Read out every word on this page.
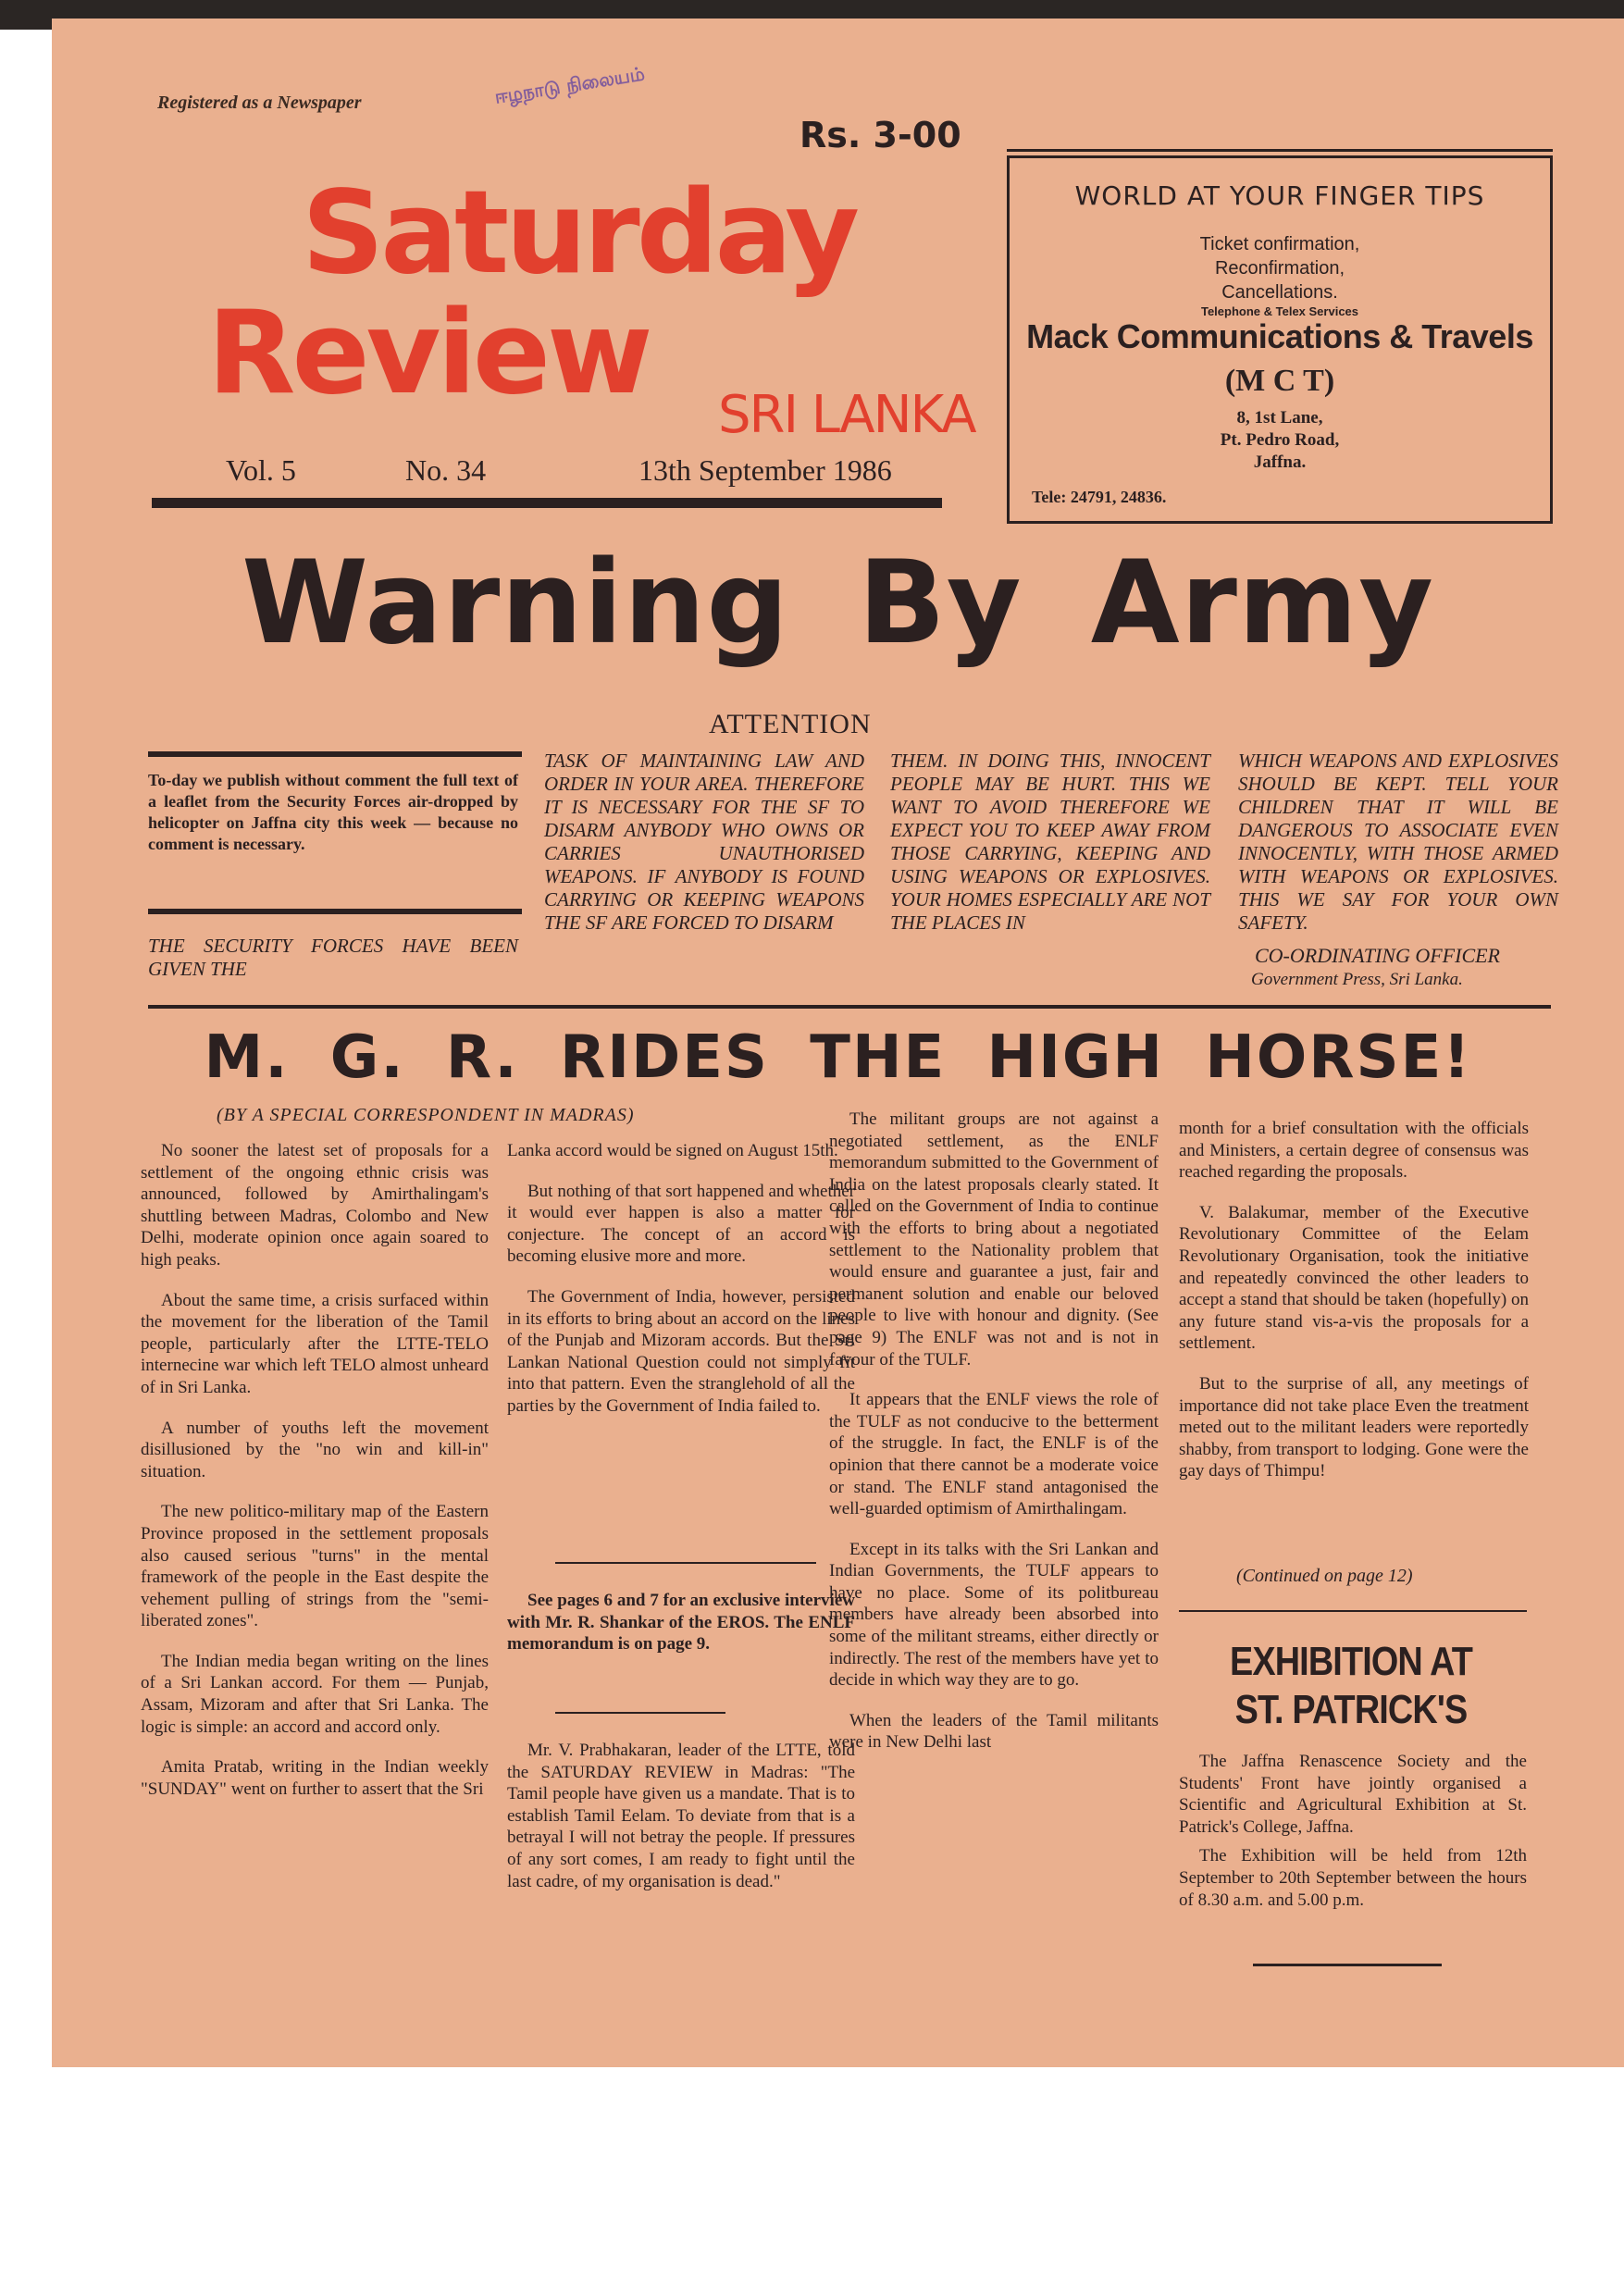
Registered as a Newspaper	ஈழநாடு நிலையம்
Rs. 3-00
Saturday
Review SRI LANKA
Vol. 5	No. 34	13th September 1986
WORLD AT YOUR FINGER TIPS
Ticket confirmation,
Reconfirmation,
Cancellations.
Telephone & Telex Services
Mack Communications & Travels
(M C T)
8, 1st Lane,
Pt. Pedro Road,
Jaffna.
Tele: 24791, 24836.
Warning By Army
ATTENTION
To-day we publish without comment the full text of a leaflet from the Security Forces air-dropped by helicopter on Jaffna city this week — because no comment is necessary.
THE SECURITY FORCES HAVE BEEN GIVEN THE
TASK OF MAINTAINING LAW AND ORDER IN YOUR AREA. THEREFORE IT IS NECESSARY FOR THE SF TO DISARM ANYBODY WHO OWNS OR CARRIES UNAUTHORISED WEAPONS. IF ANYBODY IS FOUND CARRYING OR KEEPING WEAPONS THE SF ARE FORCED TO DISARM
THEM. IN DOING THIS, INNOCENT PEOPLE MAY BE HURT. THIS WE WANT TO AVOID THEREFORE WE EXPECT YOU TO KEEP AWAY FROM THOSE CARRYING, KEEPING AND USING WEAPONS OR EXPLOSIVES. YOUR HOMES ESPECIALLY ARE NOT THE PLACES IN
WHICH WEAPONS AND EXPLOSIVES SHOULD BE KEPT. TELL YOUR CHILDREN THAT IT WILL BE DANGEROUS TO ASSOCIATE EVEN INNOCENTLY, WITH THOSE ARMED WITH WEAPONS OR EXPLOSIVES. THIS WE SAY FOR YOUR OWN SAFETY.
CO-ORDINATING OFFICER
Government Press, Sri Lanka.
M. G. R. RIDES THE HIGH HORSE!
(BY A SPECIAL CORRESPONDENT IN MADRAS)

No sooner the latest set of proposals for a settlement of the ongoing ethnic crisis was announced, followed by Amirthalingam's shuttling between Madras, Colombo and New Delhi, moderate opinion once again soared to high peaks.

About the same time, a crisis surfaced within the movement for the liberation of the Tamil people, particularly after the LTTE-TELO internecine war which left TELO almost unheard of in Sri Lanka.

A number of youths left the movement disillusioned by the "no win and kill-in" situation.

The new politico-military map of the Eastern Province proposed in the settlement proposals also caused serious "turns" in the mental framework of the people in the East despite the vehement pulling of strings from the "semi-liberated zones".

The Indian media began writing on the lines of a Sri Lankan accord. For them — Punjab, Assam, Mizoram and after that Sri Lanka. The logic is simple: an accord and accord only.

Amita Pratab, writing in the Indian weekly "SUNDAY" went on further to assert that the Sri

Lanka accord would be signed on August 15th.

But nothing of that sort happened and whether it would ever happen is also a matter for conjecture. The concept of an accord is becoming elusive more and more.

The Government of India, however, persisted in its efforts to bring about an accord on the lines of the Punjab and Mizoram accords. But the Sri Lankan National Question could not simply fit into that pattern. Even the stranglehold of all the parties by the Government of India failed to.

See pages 6 and 7 for an exclusive interview with Mr. R. Shankar of the EROS. The ENLF memorandum is on page 9.

Mr. V. Prabhakaran, leader of the LTTE, told the SATURDAY REVIEW in Madras: "The Tamil people have given us a mandate. That is to establish Tamil Eelam. To deviate from that is a betrayal I will not betray the people. If pressures of any sort comes, I am ready to fight until the last cadre, of my organisation is dead."

The militant groups are not against a negotiated settlement, as the ENLF memorandum submitted to the Government of India on the latest proposals clearly stated. It called on the Government of India to continue with the efforts to bring about a negotiated settlement to the Nationality problem that would ensure and guarantee a just, fair and permanent solution and enable our beloved people to live with honour and dignity. (See page 9) The ENLF was not and is not in favour of the TULF.

It appears that the ENLF views the role of the TULF as not conducive to the betterment of the struggle. In fact, the ENLF is of the opinion that there cannot be a moderate voice or stand. The ENLF stand antagonised the well-guarded optimism of Amirthalingam.

Except in its talks with the Sri Lankan and Indian Governments, the TULF appears to have no place. Some of its politbureau members have already been absorbed into some of the militant streams, either directly or indirectly. The rest of the members have yet to decide in which way they are to go.

When the leaders of the Tamil militants were in New Delhi last

month for a brief consultation with the officials and Ministers, a certain degree of consensus was reached regarding the proposals.

V. Balakumar, member of the Executive Revolutionary Committee of the Eelam Revolutionary Organisation, took the initiative and repeatedly convinced the other leaders to accept a stand that should be taken (hopefully) on any future stand vis-a-vis the proposals for a settlement.

But to the surprise of all, any meetings of importance did not take place Even the treatment meted out to the militant leaders were reportedly shabby, from transport to lodging. Gone were the gay days of Thimpu!

(Continued on page 12)
EXHIBITION AT
ST. PATRICK'S

The Jaffna Renascence Society and the Students' Front have jointly organised a Scientific and Agricultural Exhibition at St. Patrick's College, Jaffna.

The Exhibition will be held from 12th September to 20th September between the hours of 8.30 a.m. and 5.00 p.m.
